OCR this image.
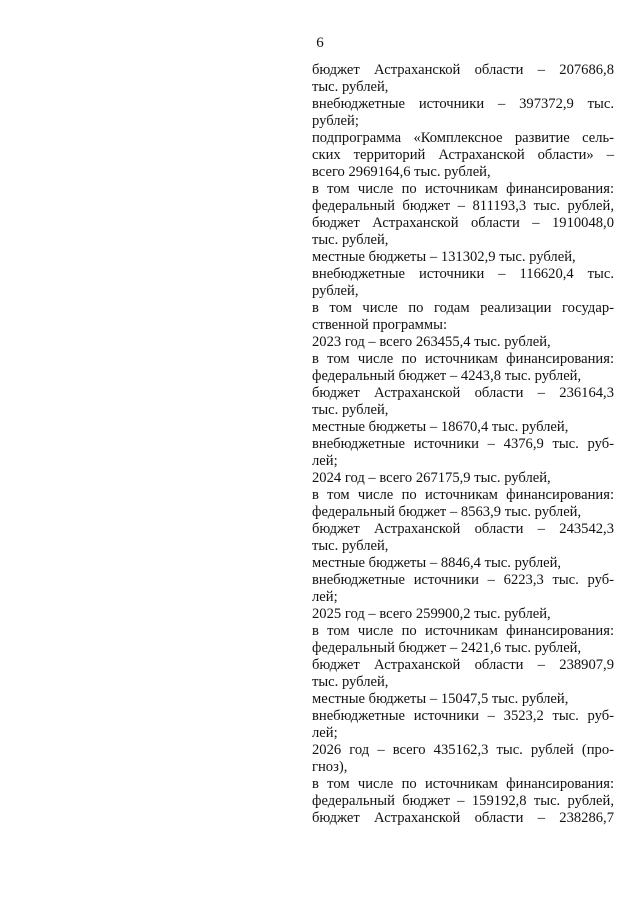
6
бюджет Астраханской области – 207686,8
тыс. рублей,
внебюджетные источники – 397372,9 тыс.
рублей;
подпрограмма «Комплексное развитие сель-
ских территорий Астраханской области» –
всего 2969164,6 тыс. рублей,
в том числе по источникам финансирования:
федеральный бюджет – 811193,3 тыс. рублей,
бюджет Астраханской области – 1910048,0
тыс. рублей,
местные бюджеты – 131302,9 тыс. рублей,
внебюджетные источники – 116620,4 тыс.
рублей,
в том числе по годам реализации государ-
ственной программы:
2023 год – всего 263455,4 тыс. рублей,
в том числе по источникам финансирования:
федеральный бюджет – 4243,8 тыс. рублей,
бюджет Астраханской области – 236164,3
тыс. рублей,
местные бюджеты – 18670,4 тыс. рублей,
внебюджетные источники – 4376,9 тыс. руб-
лей;
2024 год – всего 267175,9 тыс. рублей,
в том числе по источникам финансирования:
федеральный бюджет – 8563,9 тыс. рублей,
бюджет Астраханской области – 243542,3
тыс. рублей,
местные бюджеты – 8846,4 тыс. рублей,
внебюджетные источники – 6223,3 тыс. руб-
лей;
2025 год – всего 259900,2 тыс. рублей,
в том числе по источникам финансирования:
федеральный бюджет – 2421,6 тыс. рублей,
бюджет Астраханской области – 238907,9
тыс. рублей,
местные бюджеты – 15047,5 тыс. рублей,
внебюджетные источники – 3523,2 тыс. руб-
лей;
2026 год – всего 435162,3 тыс. рублей (про-
гноз),
в том числе по источникам финансирования:
федеральный бюджет – 159192,8 тыс. рублей,
бюджет Астраханской области – 238286,7
